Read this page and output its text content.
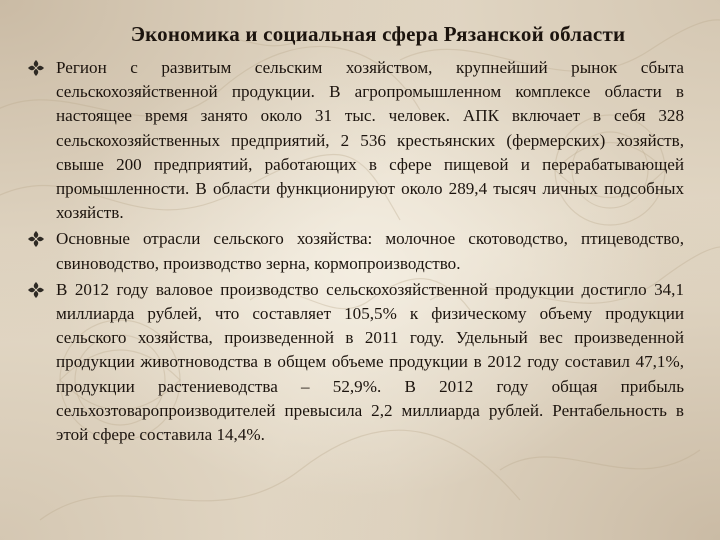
Экономика и социальная сфера Рязанской области
Регион с развитым сельским хозяйством, крупнейший рынок сбыта сельскохозяйственной продукции. В агропромышленном комплексе области в настоящее время занято около 31 тыс. человек. АПК включает в себя 328 сельскохозяйственных предприятий, 2 536 крестьянских (фермерских) хозяйств, свыше 200 предприятий, работающих в сфере пищевой и перерабатывающей промышленности. В области функционируют около 289,4 тысяч личных подсобных хозяйств.
Основные отрасли сельского хозяйства: молочное скотоводство, птицеводство, свиноводство, производство зерна, кормопроизводство.
В 2012 году валовое производство сельскохозяйственной продукции достигло 34,1 миллиарда рублей, что составляет 105,5% к физическому объему продукции сельского хозяйства, произведенной в 2011 году. Удельный вес произведенной продукции животноводства в общем объеме продукции в 2012 году составил 47,1%, продукции растениеводства – 52,9%. В 2012 году общая прибыль сельхозтоваропроизводителей превысила 2,2 миллиарда рублей. Рентабельность в этой сфере составила 14,4%.
